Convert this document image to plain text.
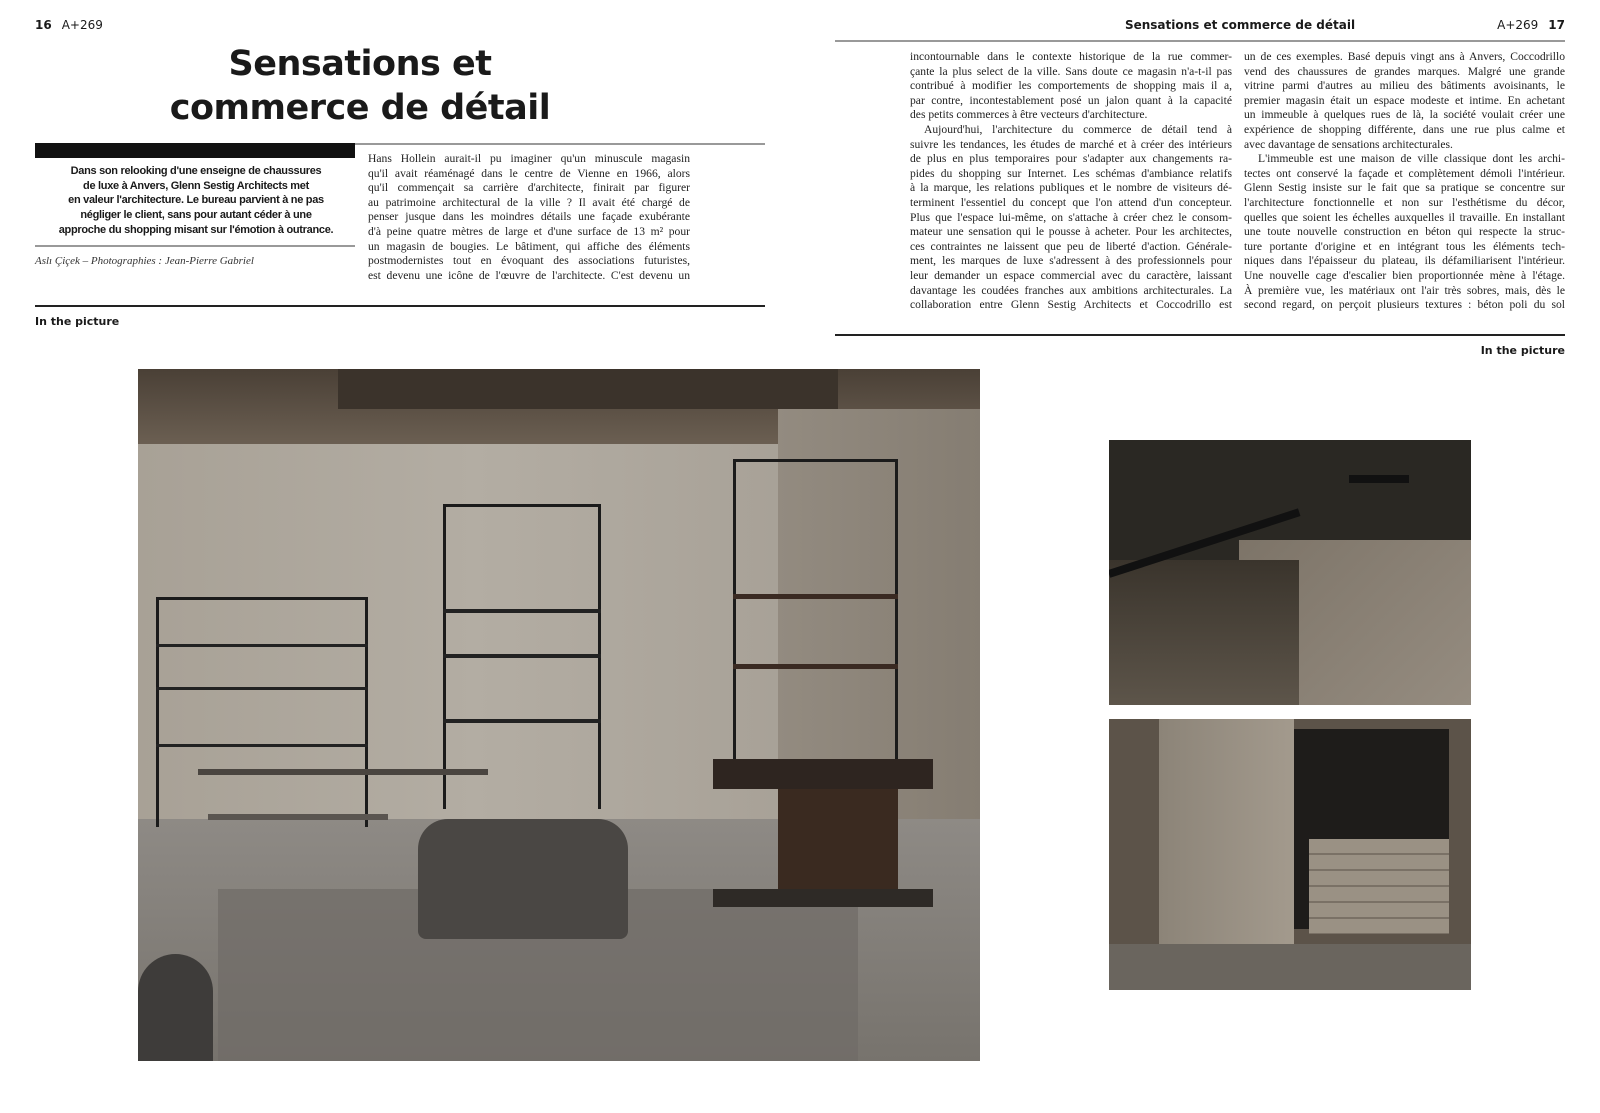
16 A+269
Sensations et
commerce de détail
Dans son relooking d'une enseigne de chaussures
de luxe à Anvers, Glenn Sestig Architects met
en valeur l'architecture. Le bureau parvient à ne pas
négliger le client, sans pour autant céder à une
approche du shopping misant sur l'émotion à outrance.
Aslı Çiçek – Photographies : Jean-Pierre Gabriel
Hans Hollein aurait-il pu imaginer qu'un minuscule magasin
qu'il avait réaménagé dans le centre de Vienne en 1966, alors
qu'il commençait sa carrière d'architecte, finirait par figurer
au patrimoine architectural de la ville ? Il avait été chargé de
penser jusque dans les moindres détails une façade exubérante
d'à peine quatre mètres de large et d'une surface de 13 m² pour
un magasin de bougies. Le bâtiment, qui affiche des éléments
postmodernistes tout en évoquant des associations futuristes,
est devenu une icône de l'œuvre de l'architecte. C'est devenu un
In the picture
Sensations et commerce de détail	A+269 17
incontournable dans le contexte historique de la rue commer-
çante la plus select de la ville. Sans doute ce magasin n'a-t-il pas
contribué à modifier les comportements de shopping mais il a,
par contre, incontestablement posé un jalon quant à la capacité
des petits commerces à être vecteurs d'architecture.
Aujourd'hui, l'architecture du commerce de détail tend à
suivre les tendances, les études de marché et à créer des intérieurs
de plus en plus temporaires pour s'adapter aux changements ra-
pides du shopping sur Internet. Les schémas d'ambiance relatifs
à la marque, les relations publiques et le nombre de visiteurs dé-
terminent l'essentiel du concept que l'on attend d'un concepteur.
Plus que l'espace lui-même, on s'attache à créer chez le consom-
mateur une sensation qui le pousse à acheter. Pour les architectes,
ces contraintes ne laissent que peu de liberté d'action. Générale-
ment, les marques de luxe s'adressent à des professionnels pour
leur demander un espace commercial avec du caractère, laissant
davantage les coudées franches aux ambitions architecturales. La
collaboration entre Glenn Sestig Architects et Coccodrillo est
un de ces exemples. Basé depuis vingt ans à Anvers, Coccodrillo
vend des chaussures de grandes marques. Malgré une grande
vitrine parmi d'autres au milieu des bâtiments avoisinants, le
premier magasin était un espace modeste et intime. En achetant
un immeuble à quelques rues de là, la société voulait créer une
expérience de shopping différente, dans une rue plus calme et
avec davantage de sensations architecturales.
L'immeuble est une maison de ville classique dont les archi-
tectes ont conservé la façade et complètement démoli l'intérieur.
Glenn Sestig insiste sur le fait que sa pratique se concentre sur
l'architecture fonctionnelle et non sur l'esthétisme du décor,
quelles que soient les échelles auxquelles il travaille. En installant
une toute nouvelle construction en béton qui respecte la struc-
ture portante d'origine et en intégrant tous les éléments tech-
niques dans l'épaisseur du plateau, ils défamiliarisent l'intérieur.
Une nouvelle cage d'escalier bien proportionnée mène à l'étage.
À première vue, les matériaux ont l'air très sobres, mais, dès le
second regard, on perçoit plusieurs textures : béton poli du sol
In the picture
